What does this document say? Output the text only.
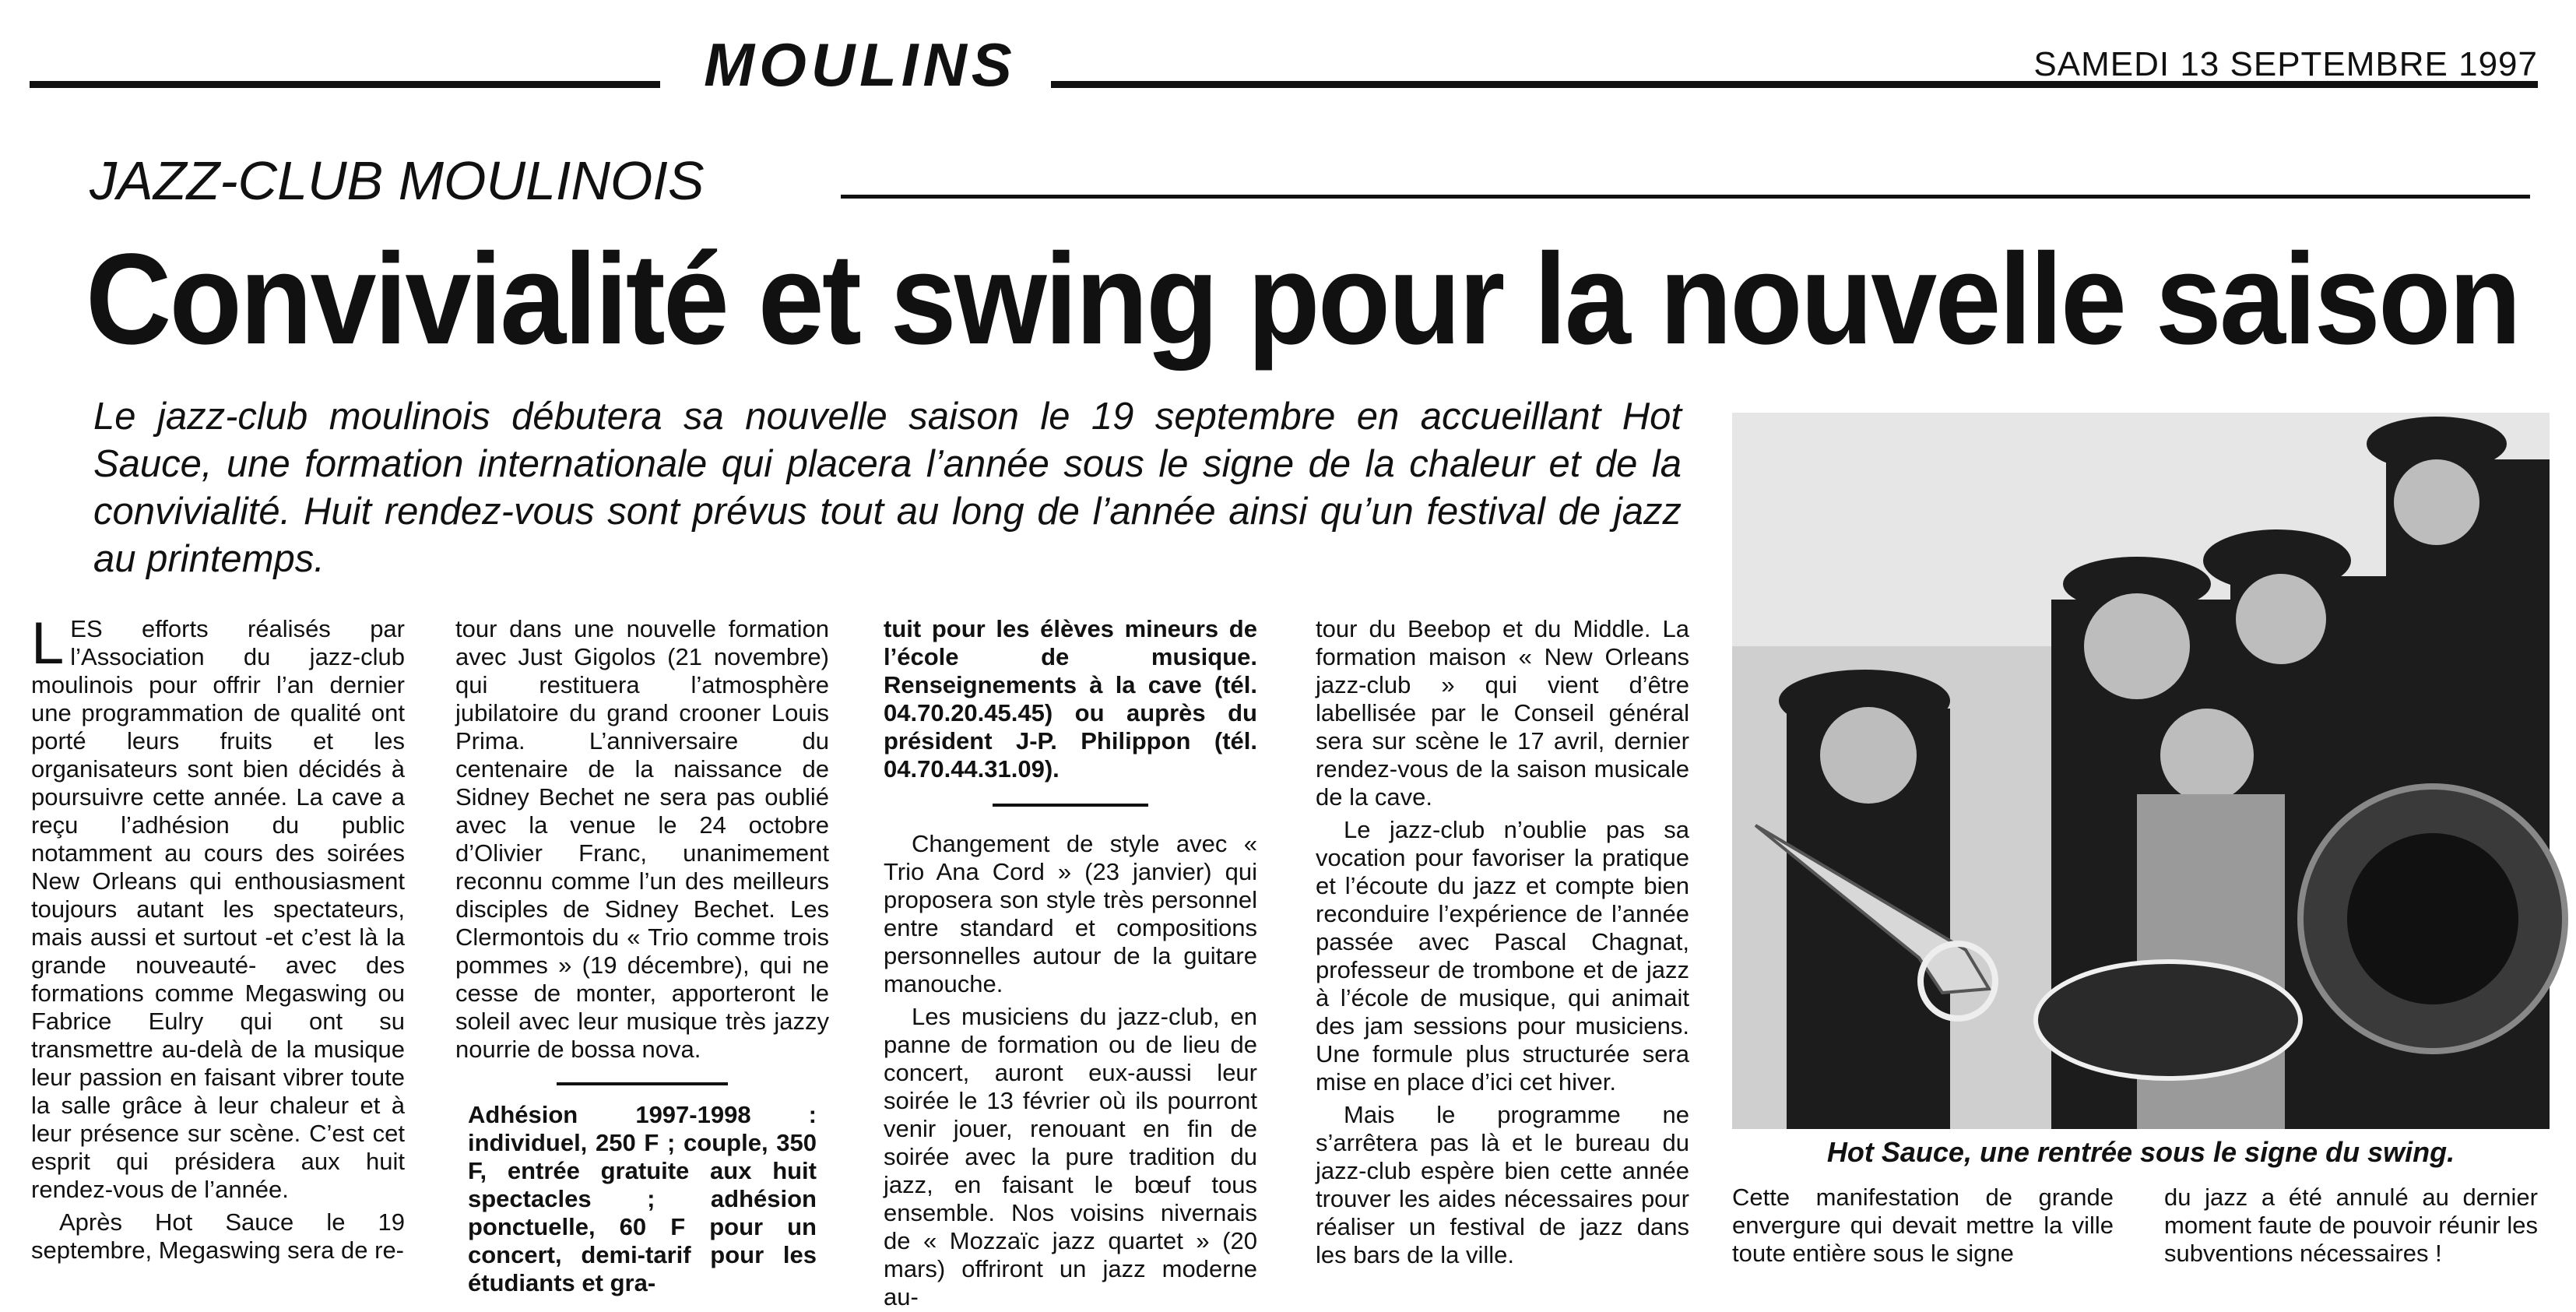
MOULINS	SAMEDI 13 SEPTEMBRE 1997
JAZZ-CLUB MOULINOIS
Convivialité et swing pour la nouvelle saison
Le jazz-club moulinois débutera sa nouvelle saison le 19 septembre en accueillant Hot Sauce, une formation internationale qui placera l’année sous le signe de la chaleur et de la convivialité. Huit rendez-vous sont prévus tout au long de l’année ainsi qu’un festival de jazz au printemps.

LES efforts réalisés par l’Association du jazz-club moulinois pour offrir l’an dernier une programmation de qualité ont porté leurs fruits et les organisateurs sont bien décidés à poursuivre cette année. La cave a reçu l’adhésion du public notamment au cours des soirées New Orleans qui enthousiasment toujours autant les spectateurs, mais aussi et surtout -et c’est là la grande nouveauté- avec des formations comme Megaswing ou Fabrice Eulry qui ont su transmettre au-delà de la musique leur passion en faisant vibrer toute la salle grâce à leur chaleur et à leur présence sur scène. C’est cet esprit qui présidera aux huit rendez-vous de l’année.

Après Hot Sauce le 19 septembre, Megaswing sera de re-

tour dans une nouvelle formation avec Just Gigolos (21 novembre) qui restituera l’atmosphère jubilatoire du grand crooner Louis Prima. L’anniversaire du centenaire de la naissance de Sidney Bechet ne sera pas oublié avec la venue le 24 octobre d’Olivier Franc, unanimement reconnu comme l’un des meilleurs disciples de Sidney Bechet. Les Clermontois du « Trio comme trois pommes » (19 décembre), qui ne cesse de monter, apporteront le soleil avec leur musique très jazzy nourrie de bossa nova.

Adhésion 1997-1998 : individuel, 250 F ; couple, 350 F, entrée gratuite aux huit spectacles ; adhésion ponctuelle, 60 F pour un concert, demi-tarif pour les étudiants et gra-

tuit pour les élèves mineurs de l’école de musique. Renseignements à la cave (tél. 04.70.20.45.45) ou auprès du président J-P. Philippon (tél. 04.70.44.31.09).

Changement de style avec « Trio Ana Cord » (23 janvier) qui proposera son style très personnel entre standard et compositions personnelles autour de la guitare manouche.

Les musiciens du jazz-club, en panne de formation ou de lieu de concert, auront eux-aussi leur soirée le 13 février où ils pourront venir jouer, renouant en fin de soirée avec la pure tradition du jazz, en faisant le bœuf tous ensemble. Nos voisins nivernais de « Mozzaïc jazz quartet » (20 mars) offriront un jazz moderne au-

tour du Beebop et du Middle. La formation maison « New Orleans jazz-club » qui vient d’être labellisée par le Conseil général sera sur scène le 17 avril, dernier rendez-vous de la saison musicale de la cave.

Le jazz-club n’oublie pas sa vocation pour favoriser la pratique et l’écoute du jazz et compte bien reconduire l’expérience de l’année passée avec Pascal Chagnat, professeur de trombone et de jazz à l’école de musique, qui animait des jam sessions pour musiciens. Une formule plus structurée sera mise en place d’ici cet hiver.

Mais le programme ne s’arrêtera pas là et le bureau du jazz-club espère bien cette année trouver les aides nécessaires pour réaliser un festival de jazz dans les bars de la ville.

Hot Sauce, une rentrée sous le signe du swing.

Cette manifestation de grande envergure qui devait mettre la ville toute entière sous le signe

du jazz a été annulé au dernier moment faute de pouvoir réunir les subventions nécessaires !
